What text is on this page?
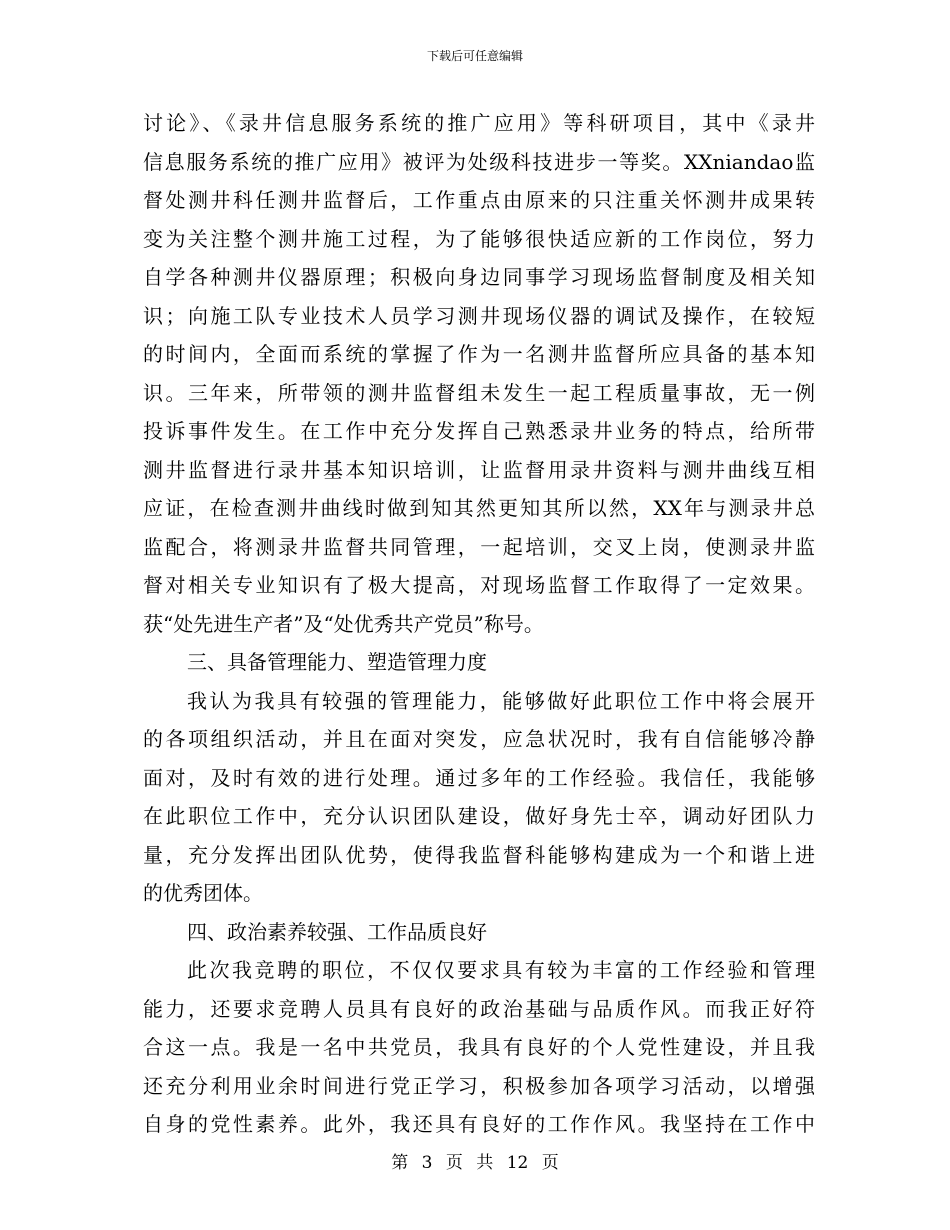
下载后可任意编辑

讨论》、《录井信息服务系统的推广应用》等科研项目，其中《录井

信息服务系统的推广应用》被评为处级科技进步一等奖。XXniandao监

督处测井科任测井监督后，工作重点由原来的只注重关怀测井成果转

变为关注整个测井施工过程，为了能够很快适应新的工作岗位，努力

自学各种测井仪器原理；积极向身边同事学习现场监督制度及相关知

识；向施工队专业技术人员学习测井现场仪器的调试及操作，在较短

的时间内，全面而系统的掌握了作为一名测井监督所应具备的基本知

识。三年来，所带领的测井监督组未发生一起工程质量事故，无一例

投诉事件发生。在工作中充分发挥自己熟悉录井业务的特点，给所带

测井监督进行录井基本知识培训，让监督用录井资料与测井曲线互相

应证，在检查测井曲线时做到知其然更知其所以然，XX年与测录井总

监配合，将测录井监督共同管理，一起培训，交叉上岗，使测录井监

督对相关专业知识有了极大提高，对现场监督工作取得了一定效果。

获“处先进生产者”及“处优秀共产党员”称号。

三、具备管理能力、塑造管理力度

我认为我具有较强的管理能力，能够做好此职位工作中将会展开

的各项组织活动，并且在面对突发，应急状况时，我有自信能够冷静

面对，及时有效的进行处理。通过多年的工作经验。我信任，我能够

在此职位工作中，充分认识团队建设，做好身先士卒，调动好团队力

量，充分发挥出团队优势，使得我监督科能够构建成为一个和谐上进

的优秀团体。

四、政治素养较强、工作品质良好

此次我竞聘的职位，不仅仅要求具有较为丰富的工作经验和管理

能力，还要求竞聘人员具有良好的政治基础与品质作风。而我正好符

合这一点。我是一名中共党员，我具有良好的个人党性建设，并且我

还充分利用业余时间进行党正学习，积极参加各项学习活动，以增强

自身的党性素养。此外，我还具有良好的工作作风。我坚持在工作中

第 3 页 共 12 页
